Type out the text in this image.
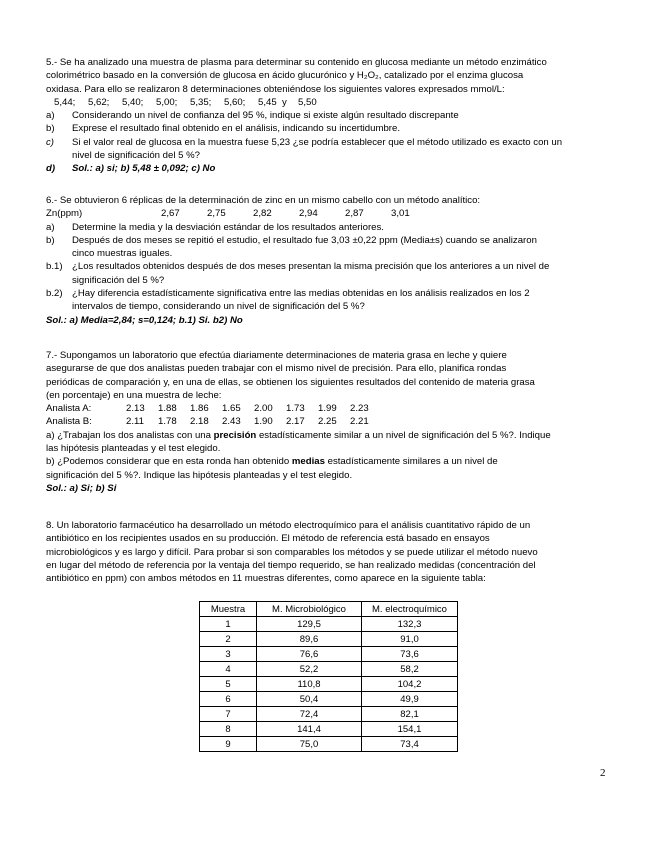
5.- Se ha analizado una muestra de plasma para determinar su contenido en glucosa mediante un método enzimático
colorimétrico basado en la conversión de glucosa en ácido glucurónico y H₂O₂, catalizado por el enzima glucosa
oxidasa. Para ello se realizaron 8 determinaciones obteniéndose los siguientes valores expresados mmol/L:
5,44;	5,62;	5,40;	5,00;	5,35;	5,60;	5,45 y	5,50
a) Considerando un nivel de confianza del 95 %, indique si existe algún resultado discrepante
b) Exprese el resultado final obtenido en el análisis, indicando su incertidumbre.
c) Si el valor real de glucosa en la muestra fuese 5,23 ¿se podría establecer que el método utilizado es exacto con un
nivel de significación del 5 %?
d) Sol.: a) si; b) 5,48 ± 0,092; c) No
6.- Se obtuvieron 6 réplicas de la determinación de zinc en un mismo cabello con un método analítico:
Zn(ppm)	2,67	2,75	2,82	2,94	2,87	3,01
a) Determine la media y la desviación estándar de los resultados anteriores.
b) Después de dos meses se repitió el estudio, el resultado fue 3,03 ±0,22 ppm (Media±s) cuando se analizaron
cinco muestras iguales.
b.1) ¿Los resultados obtenidos después de dos meses presentan la misma precisión que los anteriores a un nivel de
significación del 5 %?
b.2) ¿Hay diferencia estadísticamente significativa entre las medias obtenidas en los análisis realizados en los 2
intervalos de tiempo, considerando un nivel de significación del 5 %?
Sol.: a) Media=2,84; s=0,124; b.1) Si. b2) No
7.- Supongamos un laboratorio que efectúa diariamente determinaciones de materia grasa en leche y quiere
asegurarse de que dos analistas pueden trabajar con el mismo nivel de precisión. Para ello, planifica rondas
periódicas de comparación y, en una de ellas, se obtienen los siguientes resultados del contenido de materia grasa
(en porcentaje) en una muestra de leche:
Analista A:	2.13	1.88	1.86	1.65	2.00	1.73	1.99	2.23
Analista B:	2.11	1.78	2.18	2.43	1.90	2.17	2.25	2.21
a) ¿Trabajan los dos analistas con una precisión estadísticamente similar a un nivel de significación del 5 %?. Indique
las hipótesis planteadas y el test elegido.
b) ¿Podemos considerar que en esta ronda han obtenido medias estadísticamente similares a un nivel de
significación del 5 %?. Indique las hipótesis planteadas y el test elegido.
Sol.: a) Si; b) Si
8. Un laboratorio farmacéutico ha desarrollado un método electroquímico para el análisis cuantitativo rápido de un
antibiótico en los recipientes usados en su producción. El método de referencia está basado en ensayos
microbiológicos y es largo y difícil. Para probar si son comparables los métodos y se puede utilizar el método nuevo
en lugar del método de referencia por la ventaja del tiempo requerido, se han realizado medidas (concentración del
antibiótico en ppm) con ambos métodos en 11 muestras diferentes, como aparece en la siguiente tabla:
Muestra	M. Microbiológico	M. electroquímico
1	129,5	132,3
2	89,6	91,0
3	76,6	73,6
4	52,2	58,2
5	110,8	104,2
6	50,4	49,9
7	72,4	82,1
8	141,4	154,1
9	75,0	73,4
2
